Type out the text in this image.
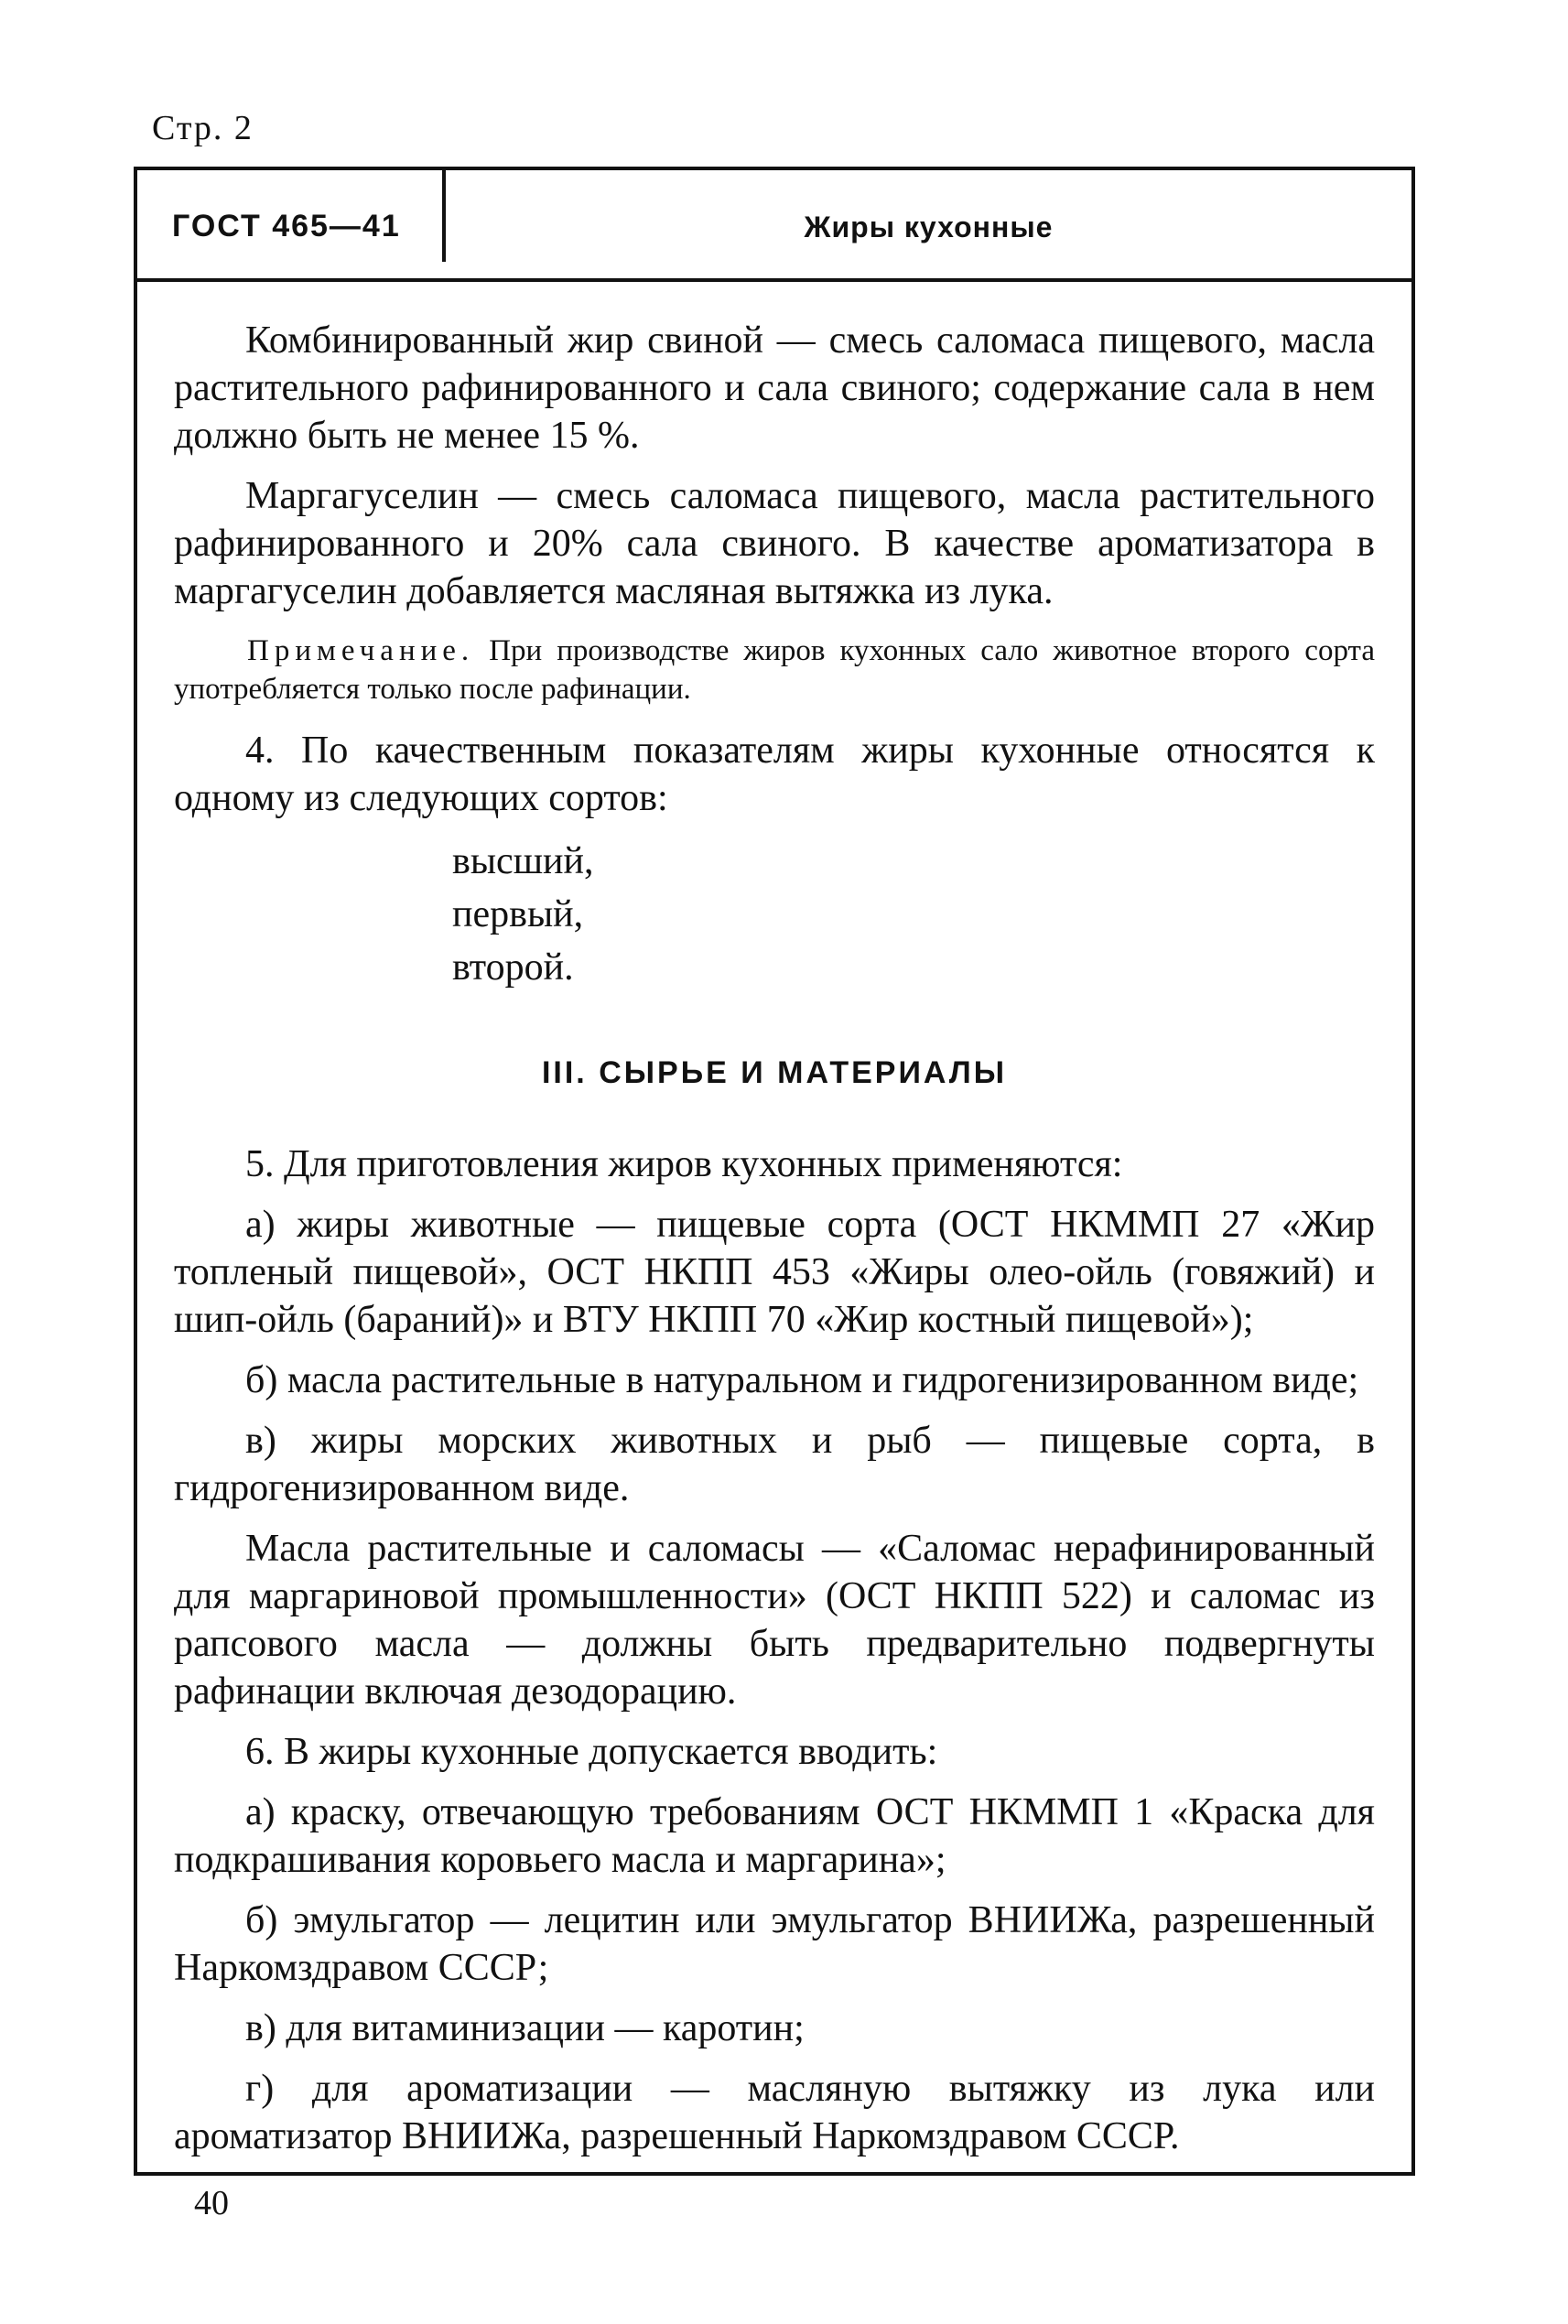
Стр. 2
ГОСТ 465—41	Жиры кухонные

Комбинированный жир свиной — смесь саломаса пищевого, масла растительного рафинированного и сала свиного; содержание сала в нем должно быть не менее 15 %.

Маргагуселин — смесь саломаса пищевого, масла растительного рафинированного и 20% сала свиного. В качестве ароматизатора в маргагуселин добавляется масляная вытяжка из лука.

Примечание. При производстве жиров кухонных сало животное второго сорта употребляется только после рафинации.

4. По качественным показателям жиры кухонные относятся к одному из следующих сортов:

высший,
первый,
второй.
III. СЫРЬЕ И МАТЕРИАЛЫ

5. Для приготовления жиров кухонных применяются:

а) жиры животные — пищевые сорта (ОСТ НКММП 27 «Жир топленый пищевой», ОСТ НКПП 453 «Жиры олео-ойль (говяжий) и шип-ойль (бараний)» и ВТУ НКПП 70 «Жир костный пищевой»);

б) масла растительные в натуральном и гидрогенизированном виде;

в) жиры морских животных и рыб — пищевые сорта, в гидрогенизированном виде.

Масла растительные и саломасы — «Саломас нерафинированный для маргариновой промышленности» (ОСТ НКПП 522) и саломас из рапсового масла — должны быть предварительно подвергнуты рафинации включая дезодорацию.

6. В жиры кухонные допускается вводить:

а) краску, отвечающую требованиям ОСТ НКММП 1 «Краска для подкрашивания коровьего масла и маргарина»;

б) эмульгатор — лецитин или эмульгатор ВНИИЖа, разрешенный Наркомздравом СССР;

в) для витаминизации — каротин;

г) для ароматизации — масляную вытяжку из лука или ароматизатор ВНИИЖа, разрешенный Наркомздравом СССР.

40
